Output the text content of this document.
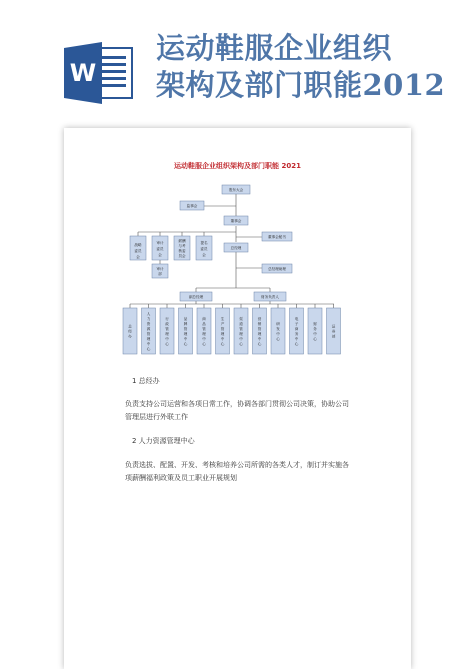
W
运动鞋服企业组织
架构及部门职能2012

运动鞋服企业组织架构及部门职能 2021

股东大会
监事会
董事会
战略
委员
会
审计
委员
会
薪酬
与考
核委
员会
提名
委员
会
审计
部
董事会秘书
总经理
总经理助理
副总经理	财务负责人
总
经
办
人
力
资
源
管
理
中
心
行
政
管
理
中
心
品
牌
管
理
中
心
商
品
管
理
中
心
生
产
管
理
中
心
渠
道
管
理
中
心
营
销
管
理
中
心
研
发
中
心
电
子
商
务
中
心
财
务
中
心
证
券
部

1 总经办

负责支持公司运营和各项日常工作，协调各部门贯彻公司决策，协助公司管理层进行外联工作

2 人力资源管理中心

负责选拔、配置、开发、考核和培养公司所需的各类人才，制订并实施各项薪酬福利政策及员工职业开展规划
